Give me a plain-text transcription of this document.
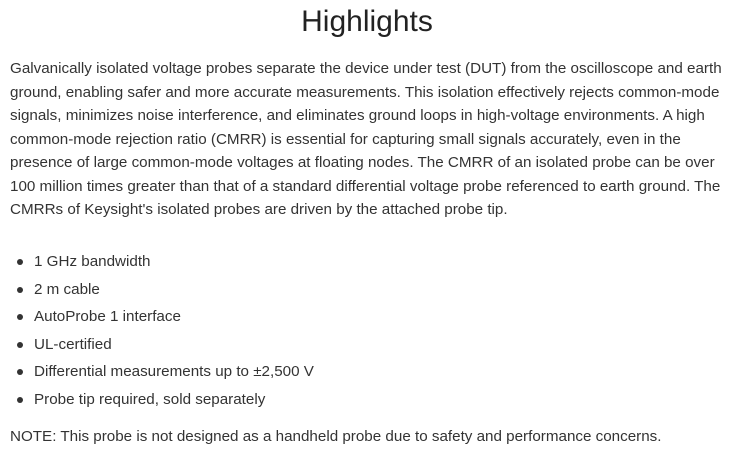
Highlights

Galvanically isolated voltage probes separate the device under test (DUT) from the oscilloscope and earth ground, enabling safer and more accurate measurements. This isolation effectively rejects common-mode signals, minimizes noise interference, and eliminates ground loops in high-voltage environments. A high common-mode rejection ratio (CMRR) is essential for capturing small signals accurately, even in the presence of large common-mode voltages at floating nodes. The CMRR of an isolated probe can be over 100 million times greater than that of a standard differential voltage probe referenced to earth ground. The CMRRs of Keysight's isolated probes are driven by the attached probe tip.

1 GHz bandwidth
2 m cable
AutoProbe 1 interface
UL-certified
Differential measurements up to ±2,500 V
Probe tip required, sold separately

NOTE: This probe is not designed as a handheld probe due to safety and performance concerns.
